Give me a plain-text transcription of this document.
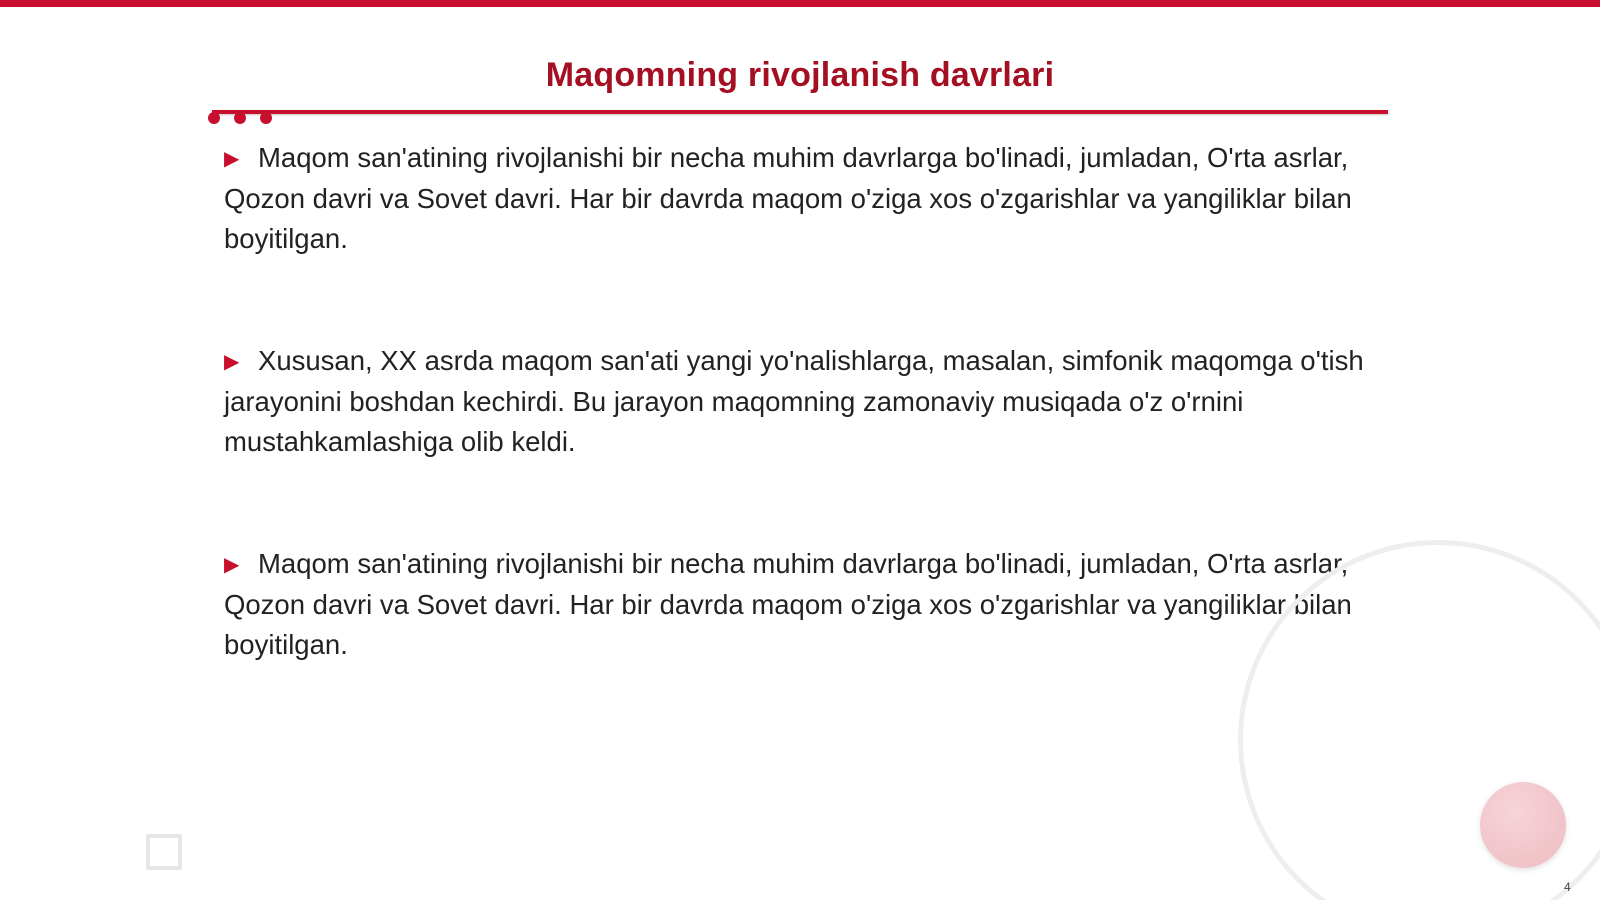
Maqomning rivojlanish davrlari

▶ Maqom san'atining rivojlanishi bir necha muhim davrlarga bo'linadi, jumladan, O'rta asrlar, Qozon davri va Sovet davri. Har bir davrda maqom o'ziga xos o'zgarishlar va yangiliklar bilan boyitilgan.

▶ Xususan, XX asrda maqom san'ati yangi yo'nalishlarga, masalan, simfonik maqomga o'tish jarayonini boshdan kechirdi. Bu jarayon maqomning zamonaviy musiqada o'z o'rnini mustahkamlashiga olib keldi.

▶ Maqom san'atining rivojlanishi bir necha muhim davrlarga bo'linadi, jumladan, O'rta asrlar, Qozon davri va Sovet davri. Har bir davrda maqom o'ziga xos o'zgarishlar va yangiliklar bilan boyitilgan.

4
